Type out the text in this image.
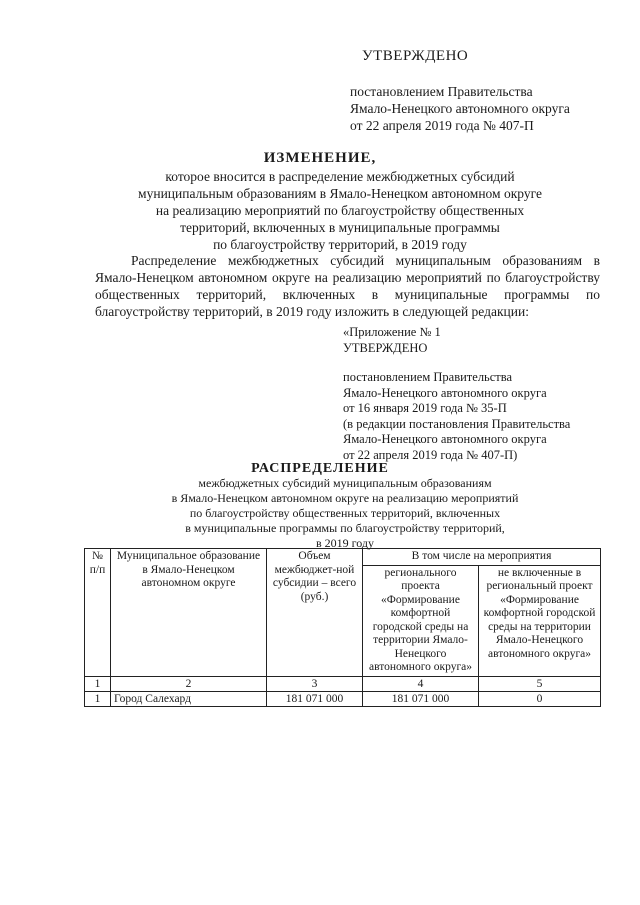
УТВЕРЖДЕНО
постановлением Правительства
Ямало-Ненецкого автономного округа
от 22 апреля 2019 года № 407-П
ИЗМЕНЕНИЕ,
которое вносится в распределение межбюджетных субсидий
муниципальным образованиям в Ямало-Ненецком автономном округе
на реализацию мероприятий по благоустройству общественных
территорий, включенных в муниципальные программы
по благоустройству территорий, в 2019 году

Распределение межбюджетных субсидий муниципальным образованиям в Ямало-Ненецком автономном округе на реализацию мероприятий по благоустройству общественных территорий, включенных в муниципальные программы по благоустройству территорий, в 2019 году изложить в следующей редакции:

«Приложение № 1
УТВЕРЖДЕНО
постановлением Правительства
Ямало-Ненецкого автономного округа
от 16 января 2019 года № 35-П
(в редакции постановления Правительства
Ямало-Ненецкого автономного округа
от 22 апреля 2019 года № 407-П)
РАСПРЕДЕЛЕНИЕ
межбюджетных субсидий муниципальным образованиям
в Ямало-Ненецком автономном округе на реализацию мероприятий
по благоустройству общественных территорий, включенных
в муниципальные программы по благоустройству территорий,
в 2019 году
№ п/п	Муниципальное образование в Ямало-Ненецком автономном округе	Объем межбюджет-ной субсидии – всего (руб.)	В том числе на мероприятия	
			регионального проекта «Формирование комфортной городской среды на территории Ямало-Ненецкого автономного округа»	не включенные в региональный проект «Формирование комфортной городской среды на территории Ямало-Ненецкого автономного округа»
1	2	3	4	5
1	Город Салехард	181 071 000	181 071 000	0
